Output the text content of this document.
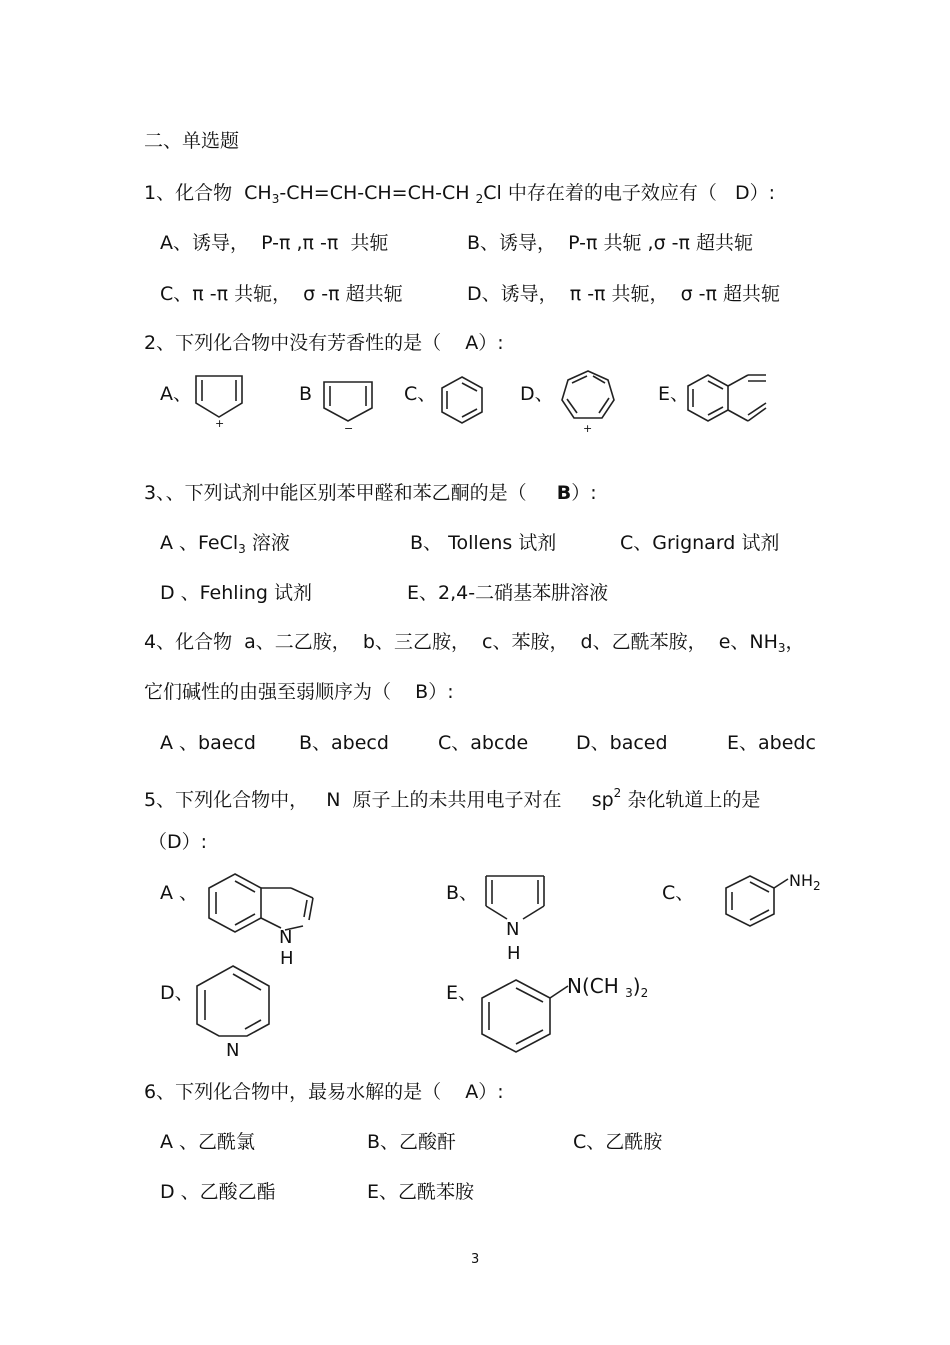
二、单选题
1、化合物  $CH_3-CH=CH-CH=CH-CH$ $_2$Cl 中存在着的电子效应有（   D）:
A、诱导，  P-π ,π -π  共轭	B、诱导，  P-π 共轭 ,σ -π 超共轭
C、π -π 共轭，  σ -π 超共轭	D、诱导，  π -π 共轭，  σ -π 超共轭
2、下列化合物中没有芳香性的是（    A）:
A、	B	C、	D、	E、
+	−	+
3、、下列试剂中能区别苯甲醛和苯乙酮的是（     B）:
A 、FeCl$_3$ 溶液	B、 Tollens 试剂	C、Grignard 试剂
D 、Fehling 试剂	E、2,4-二硝基苯肼溶液
4、化合物  a、二乙胺，  b、三乙胺，  c、苯胺，  d、乙酰苯胺，  e、$NH_3$，
它们碱性的由强至弱顺序为（    B）:
A 、baecd B、abecd	C、abcde	D、baced	E、abedc
5、下列化合物中，   N  原子上的未共用电子对在     $sp^2$ 杂化轨道上的是
（D）:
A 、	B、	C、
D、	E、
N
H
N
H
$NH_2$
N
N(CH $_3)_2$
6、下列化合物中，最易水解的是（    A）:
A 、乙酰氯	B、乙酸酐	C、乙酰胺
D 、乙酸乙酯	E、乙酰苯胺
3
